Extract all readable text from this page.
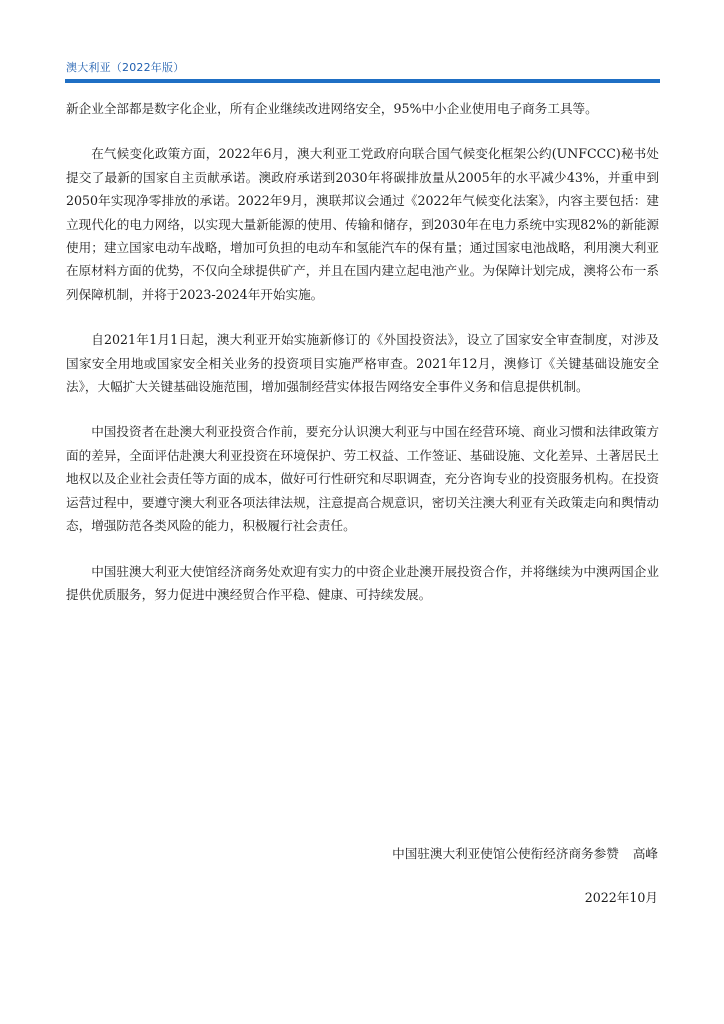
澳大利亚（2022年版）

新企业全部都是数字化企业，所有企业继续改进网络安全，95%中小企业使用电子商务工具等。

在气候变化政策方面，2022年6月，澳大利亚工党政府向联合国气候变化框架公约(UNFCCC)秘书处提交了最新的国家自主贡献承诺。澳政府承诺到2030年将碳排放量从2005年的水平减少43%，并重申到2050年实现净零排放的承诺。2022年9月，澳联邦议会通过《2022年气候变化法案》，内容主要包括：建立现代化的电力网络，以实现大量新能源的使用、传输和储存，到2030年在电力系统中实现82%的新能源使用；建立国家电动车战略，增加可负担的电动车和氢能汽车的保有量；通过国家电池战略，利用澳大利亚在原材料方面的优势，不仅向全球提供矿产，并且在国内建立起电池产业。为保障计划完成，澳将公布一系列保障机制，并将于2023-2024年开始实施。

自2021年1月1日起，澳大利亚开始实施新修订的《外国投资法》，设立了国家安全审查制度，对涉及国家安全用地或国家安全相关业务的投资项目实施严格审查。2021年12月，澳修订《关键基础设施安全法》，大幅扩大关键基础设施范围，增加强制经营实体报告网络安全事件义务和信息提供机制。

中国投资者在赴澳大利亚投资合作前，要充分认识澳大利亚与中国在经营环境、商业习惯和法律政策方面的差异，全面评估赴澳大利亚投资在环境保护、劳工权益、工作签证、基础设施、文化差异、土著居民土地权以及企业社会责任等方面的成本，做好可行性研究和尽职调查，充分咨询专业的投资服务机构。在投资运营过程中，要遵守澳大利亚各项法律法规，注意提高合规意识，密切关注澳大利亚有关政策走向和舆情动态，增强防范各类风险的能力，积极履行社会责任。

中国驻澳大利亚大使馆经济商务处欢迎有实力的中资企业赴澳开展投资合作，并将继续为中澳两国企业提供优质服务，努力促进中澳经贸合作平稳、健康、可持续发展。

中国驻澳大利亚使馆公使衔经济商务参赞 高峰
2022年10月
